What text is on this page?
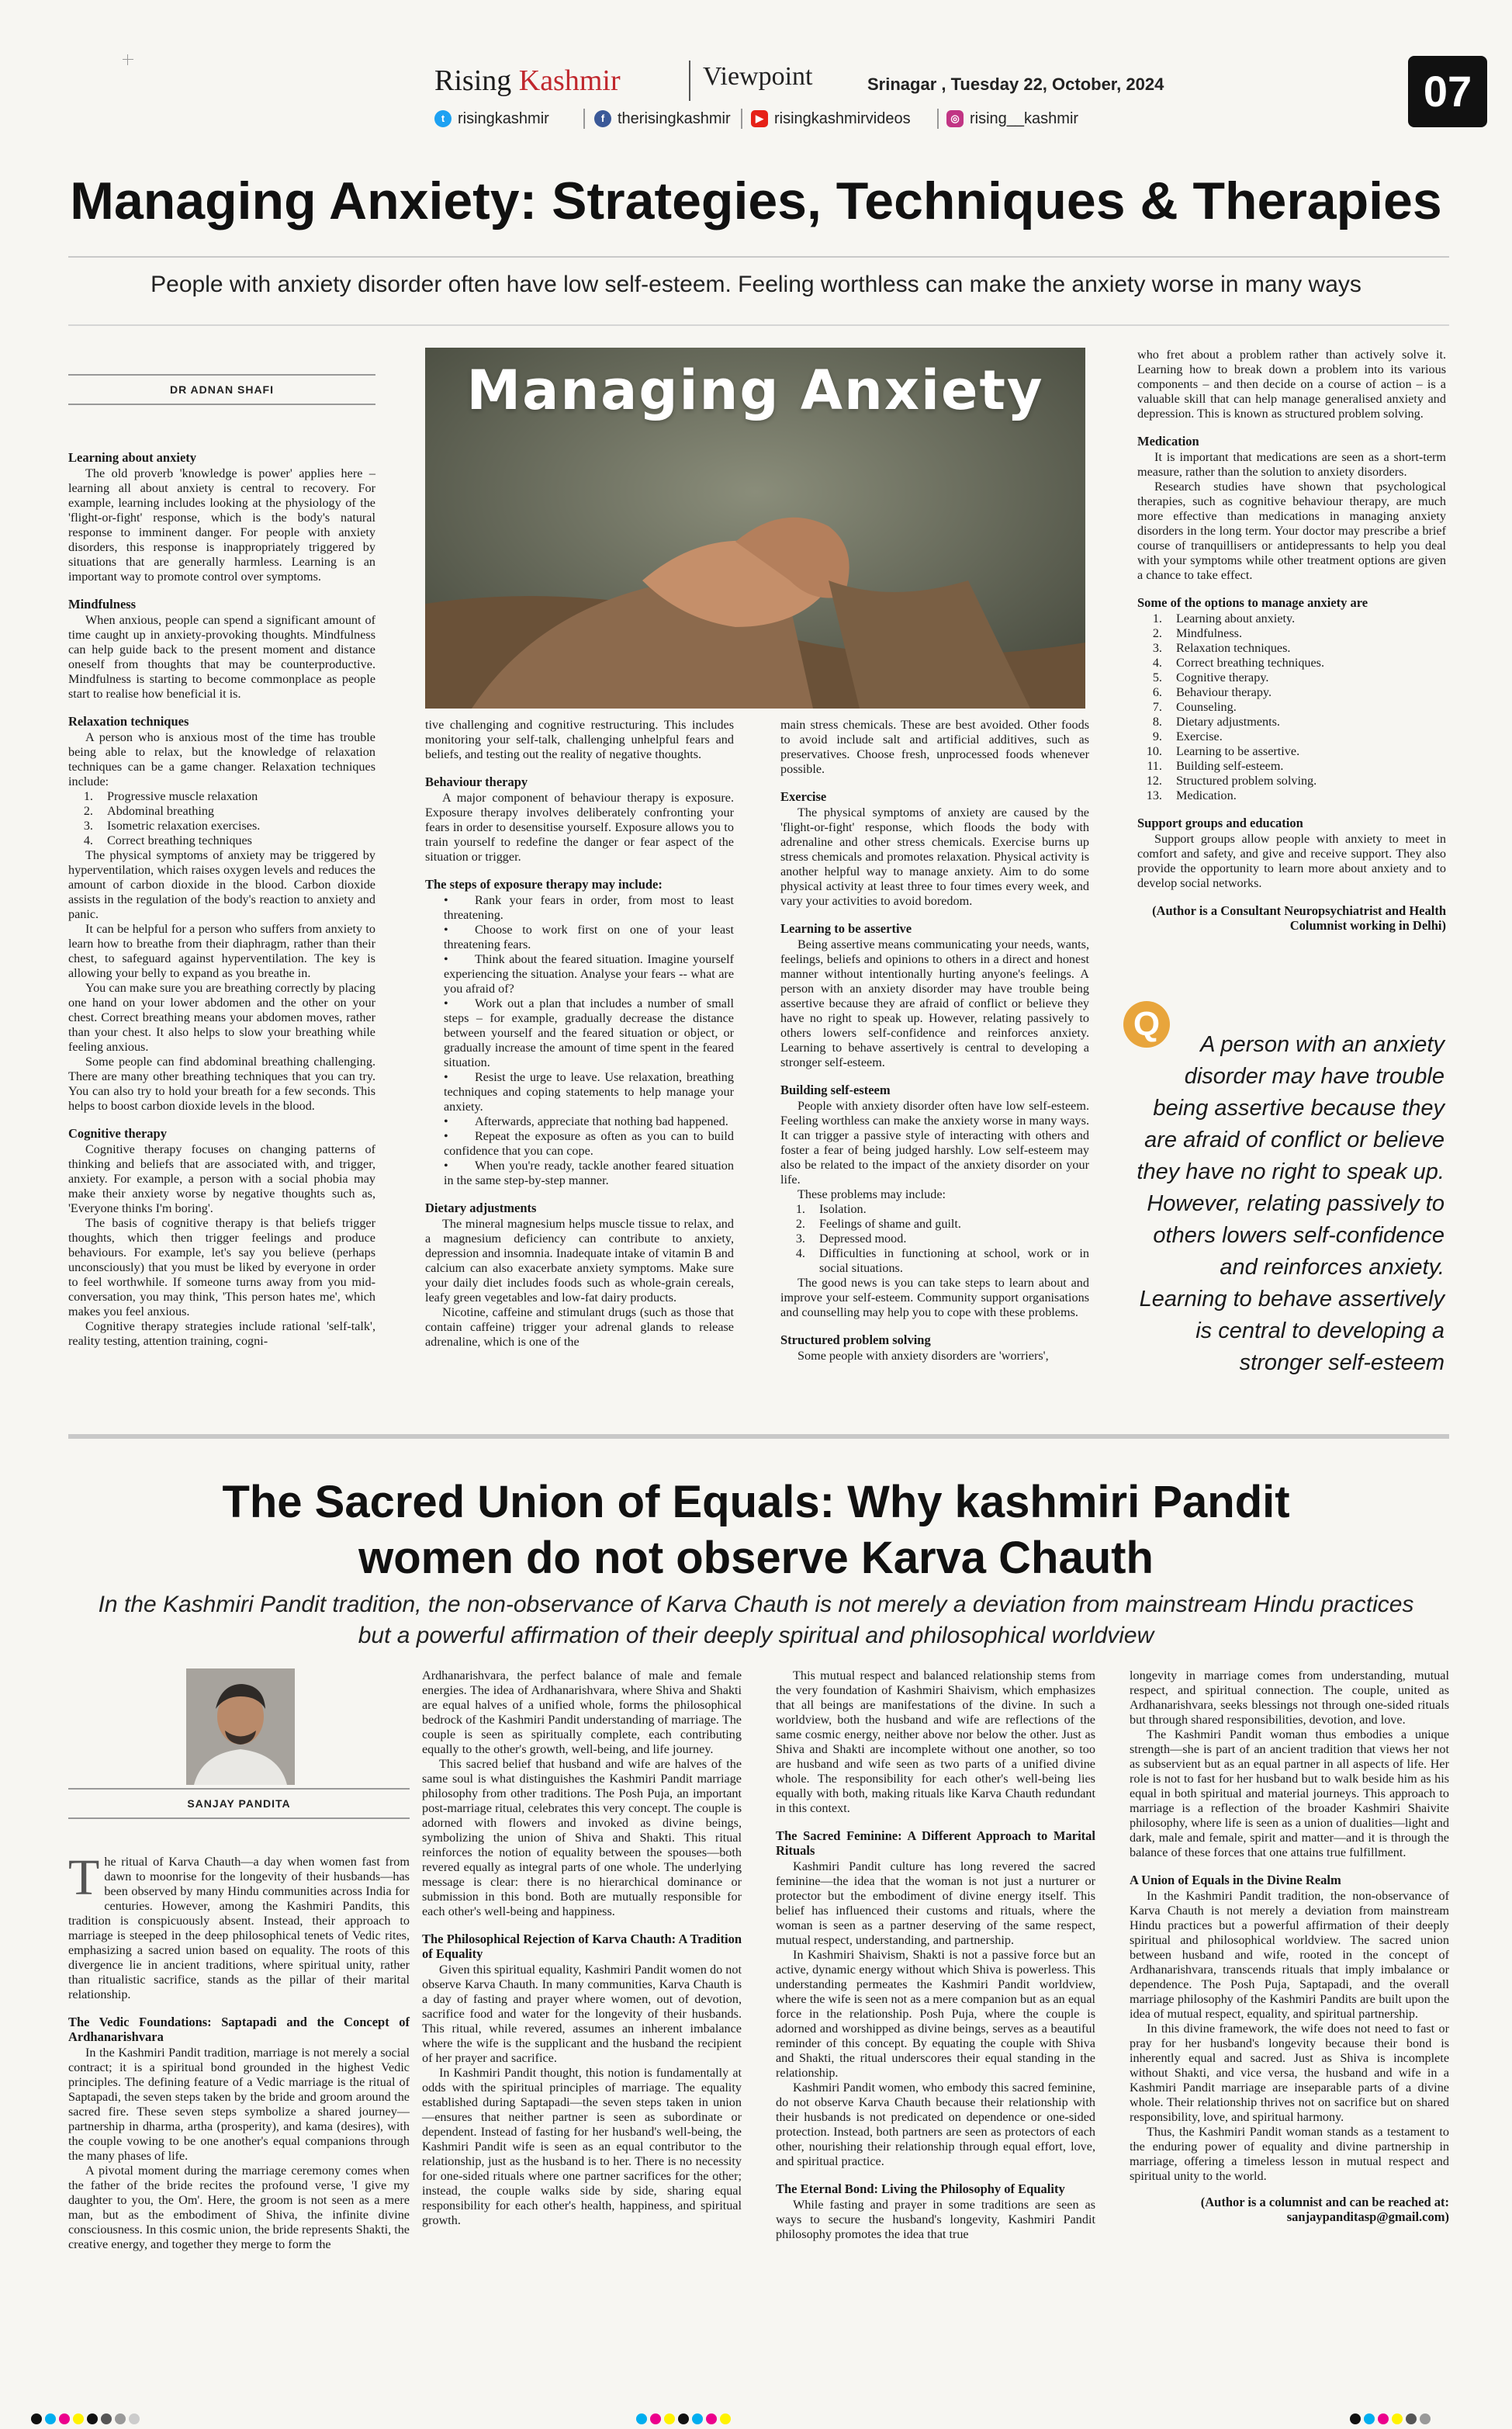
Rising Kashmir	Viewpoint	Srinagar , Tuesday 22, October, 2024	07
t risingkashmir	f therisingkashmir	▶ risingkashmirvideos	◎ rising__kashmir
Managing Anxiety: Strategies, Techniques & Therapies
People with anxiety disorder often have low self-esteem. Feeling worthless can make the anxiety worse in many ways
DR ADNAN SHAFI	Managing Anxiety
Learning about anxiety

The old proverb 'knowledge is power' applies here – learning all about anxiety is central to recovery. For example, learning includes looking at the physiology of the 'flight-or-fight' response, which is the body's natural response to imminent danger. For people with anxiety disorders, this response is inappropriately triggered by situations that are generally harmless. Learning is an important way to promote control over symptoms.

Mindfulness

When anxious, people can spend a significant amount of time caught up in anxiety-provoking thoughts. Mindfulness can help guide back to the present moment and distance oneself from thoughts that may be counterproductive. Mindfulness is starting to become commonplace as people start to realise how beneficial it is.

Relaxation techniques

A person who is anxious most of the time has trouble being able to relax, but the knowledge of relaxation techniques can be a game changer. Relaxation techniques include:

1. Progressive muscle relaxation
2. Abdominal breathing
3. Isometric relaxation exercises.
4. Correct breathing techniques

The physical symptoms of anxiety may be triggered by hyperventilation, which raises oxygen levels and reduces the amount of carbon dioxide in the blood. Carbon dioxide assists in the regulation of the body's reaction to anxiety and panic.

It can be helpful for a person who suffers from anxiety to learn how to breathe from their diaphragm, rather than their chest, to safeguard against hyperventilation. The key is allowing your belly to expand as you breathe in.

You can make sure you are breathing correctly by placing one hand on your lower abdomen and the other on your chest. Correct breathing means your abdomen moves, rather than your chest. It also helps to slow your breathing while feeling anxious.

Some people can find abdominal breathing challenging. There are many other breathing techniques that you can try. You can also try to hold your breath for a few seconds. This helps to boost carbon dioxide levels in the blood.

Cognitive therapy

Cognitive therapy focuses on changing patterns of thinking and beliefs that are associated with, and trigger, anxiety. For example, a person with a social phobia may make their anxiety worse by negative thoughts such as, 'Everyone thinks I'm boring'.

The basis of cognitive therapy is that beliefs trigger thoughts, which then trigger feelings and produce behaviours. For example, let's say you believe (perhaps unconsciously) that you must be liked by everyone in order to feel worthwhile. If someone turns away from you mid-conversation, you may think, 'This person hates me', which makes you feel anxious.

Cognitive therapy strategies include rational 'self-talk', reality testing, attention training, cogni-

tive challenging and cognitive restructuring. This includes monitoring your self-talk, challenging unhelpful fears and beliefs, and testing out the reality of negative thoughts.

Behaviour therapy

A major component of behaviour therapy is exposure. Exposure therapy involves deliberately confronting your fears in order to desensitise yourself. Exposure allows you to train yourself to redefine the danger or fear aspect of the situation or trigger.

The steps of exposure therapy may include:
• Rank your fears in order, from most to least threatening.
• Choose to work first on one of your least threatening fears.
• Think about the feared situation. Imagine yourself experiencing the situation. Analyse your fears -- what are you afraid of?
• Work out a plan that includes a number of small steps – for example, gradually decrease the distance between yourself and the feared situation or object, or gradually increase the amount of time spent in the feared situation.
• Resist the urge to leave. Use relaxation, breathing techniques and coping statements to help manage your anxiety.
• Afterwards, appreciate that nothing bad happened.
• Repeat the exposure as often as you can to build confidence that you can cope.
• When you're ready, tackle another feared situation in the same step-by-step manner.
Dietary adjustments

The mineral magnesium helps muscle tissue to relax, and a magnesium deficiency can contribute to anxiety, depression and insomnia. Inadequate intake of vitamin B and calcium can also exacerbate anxiety symptoms. Make sure your daily diet includes foods such as whole-grain cereals, leafy green vegetables and low-fat dairy products.

Nicotine, caffeine and stimulant drugs (such as those that contain caffeine) trigger your adrenal glands to release adrenaline, which is one of the

main stress chemicals. These are best avoided. Other foods to avoid include salt and artificial additives, such as preservatives. Choose fresh, unprocessed foods whenever possible.

Exercise

The physical symptoms of anxiety are caused by the 'flight-or-fight' response, which floods the body with adrenaline and other stress chemicals. Exercise burns up stress chemicals and promotes relaxation. Physical activity is another helpful way to manage anxiety. Aim to do some physical activity at least three to four times every week, and vary your activities to avoid boredom.

Learning to be assertive

Being assertive means communicating your needs, wants, feelings, beliefs and opinions to others in a direct and honest manner without intentionally hurting anyone's feelings. A person with an anxiety disorder may have trouble being assertive because they are afraid of conflict or believe they have no right to speak up. However, relating passively to others lowers self-confidence and reinforces anxiety. Learning to behave assertively is central to developing a stronger self-esteem.

Building self-esteem

People with anxiety disorder often have low self-esteem. Feeling worthless can make the anxiety worse in many ways. It can trigger a passive style of interacting with others and foster a fear of being judged harshly. Low self-esteem may also be related to the impact of the anxiety disorder on your life.

These problems may include:

1. Isolation.
2. Feelings of shame and guilt.
3. Depressed mood.
4. Difficulties in functioning at school, work or in social situations.

The good news is you can take steps to learn about and improve your self-esteem. Community support organisations and counselling may help you to cope with these problems.

Structured problem solving

Some people with anxiety disorders are 'worriers',

who fret about a problem rather than actively solve it. Learning how to break down a problem into its various components – and then decide on a course of action – is a valuable skill that can help manage generalised anxiety and depression. This is known as structured problem solving.

Medication

It is important that medications are seen as a short-term measure, rather than the solution to anxiety disorders.

Research studies have shown that psychological therapies, such as cognitive behaviour therapy, are much more effective than medications in managing anxiety disorders in the long term. Your doctor may prescribe a brief course of tranquillisers or antidepressants to help you deal with your symptoms while other treatment options are given a chance to take effect.

Some of the options to manage anxiety are
1. Learning about anxiety.
2. Mindfulness.
3. Relaxation techniques.
4. Correct breathing techniques.
5. Cognitive therapy.
6. Behaviour therapy.
7. Counseling.
8. Dietary adjustments.
9. Exercise.
10. Learning to be assertive.
11. Building self-esteem.
12. Structured problem solving.
13. Medication.
Support groups and education

Support groups allow people with anxiety to meet in comfort and safety, and give and receive support. They also provide the opportunity to learn more about anxiety and to develop social networks.

(Author is a Consultant Neuropsychiatrist and Health Columnist working in Delhi)

Q
A person with an anxiety disorder may have trouble being assertive because they are afraid of conflict or believe they have no right to speak up. However, relating passively to others lowers self-confidence and reinforces anxiety. Learning to behave assertively is central to developing a stronger self-esteem
The Sacred Union of Equals: Why kashmiri Pandit
women do not observe Karva Chauth
In the Kashmiri Pandit tradition, the non-observance of Karva Chauth is not merely a deviation from mainstream Hindu practices but a powerful affirmation of their deeply spiritual and philosophical worldview
SANJAY PANDITA

The ritual of Karva Chauth—a day when women fast from dawn to moonrise for the longevity of their husbands—has been observed by many Hindu communities across India for centuries. However, among the Kashmiri Pandits, this tradition is conspicuously absent. Instead, their approach to marriage is steeped in the deep philosophical tenets of Vedic rites, emphasizing a sacred union based on equality. The roots of this divergence lie in ancient traditions, where spiritual unity, rather than ritualistic sacrifice, stands as the pillar of their marital relationship.

The Vedic Foundations: Saptapadi and the Concept of Ardhanarishvara

In the Kashmiri Pandit tradition, marriage is not merely a social contract; it is a spiritual bond grounded in the highest Vedic principles. The defining feature of a Vedic marriage is the ritual of Saptapadi, the seven steps taken by the bride and groom around the sacred fire. These seven steps symbolize a shared journey—partnership in dharma, artha (prosperity), and kama (desires), with the couple vowing to be one another's equal companions through the many phases of life.

A pivotal moment during the marriage ceremony comes when the father of the bride recites the profound verse, 'I give my daughter to you, the Om'. Here, the groom is not seen as a mere man, but as the embodiment of Shiva, the infinite divine consciousness. In this cosmic union, the bride represents Shakti, the creative energy, and together they merge to form the

Ardhanarishvara, the perfect balance of male and female energies. The idea of Ardhanarishvara, where Shiva and Shakti are equal halves of a unified whole, forms the philosophical bedrock of the Kashmiri Pandit understanding of marriage. The couple is seen as spiritually complete, each contributing equally to the other's growth, well-being, and life journey.

This sacred belief that husband and wife are halves of the same soul is what distinguishes the Kashmiri Pandit marriage philosophy from other traditions. The Posh Puja, an important post-marriage ritual, celebrates this very concept. The couple is adorned with flowers and invoked as divine beings, symbolizing the union of Shiva and Shakti. This ritual reinforces the notion of equality between the spouses—both revered equally as integral parts of one whole. The underlying message is clear: there is no hierarchical dominance or submission in this bond. Both are mutually responsible for each other's well-being and happiness.

The Philosophical Rejection of Karva Chauth: A Tradition of Equality

Given this spiritual equality, Kashmiri Pandit women do not observe Karva Chauth. In many communities, Karva Chauth is a day of fasting and prayer where women, out of devotion, sacrifice food and water for the longevity of their husbands. This ritual, while revered, assumes an inherent imbalance where the wife is the supplicant and the husband the recipient of her prayer and sacrifice.

In Kashmiri Pandit thought, this notion is fundamentally at odds with the spiritual principles of marriage. The equality established during Saptapadi—the seven steps taken in union—ensures that neither partner is seen as subordinate or dependent. Instead of fasting for her husband's well-being, the Kashmiri Pandit wife is seen as an equal contributor to the relationship, just as the husband is to her. There is no necessity for one-sided rituals where one partner sacrifices for the other; instead, the couple walks side by side, sharing equal responsibility for each other's health, happiness, and spiritual growth.

This mutual respect and balanced relationship stems from the very foundation of Kashmiri Shaivism, which emphasizes that all beings are manifestations of the divine. In such a worldview, both the husband and wife are reflections of the same cosmic energy, neither above nor below the other. Just as Shiva and Shakti are incomplete without one another, so too are husband and wife seen as two parts of a unified divine whole. The responsibility for each other's well-being lies equally with both, making rituals like Karva Chauth redundant in this context.

The Sacred Feminine: A Different Approach to Marital Rituals

Kashmiri Pandit culture has long revered the sacred feminine—the idea that the woman is not just a nurturer or protector but the embodiment of divine energy itself. This belief has influenced their customs and rituals, where the woman is seen as a partner deserving of the same respect, mutual respect, understanding, and partnership.

In Kashmiri Shaivism, Shakti is not a passive force but an active, dynamic energy without which Shiva is powerless. This understanding permeates the Kashmiri Pandit worldview, where the wife is seen not as a mere companion but as an equal force in the relationship. Posh Puja, where the couple is adorned and worshipped as divine beings, serves as a beautiful reminder of this concept. By equating the couple with Shiva and Shakti, the ritual underscores their equal standing in the relationship.

Kashmiri Pandit women, who embody this sacred feminine, do not observe Karva Chauth because their relationship with their husbands is not predicated on dependence or one-sided protection. Instead, both partners are seen as protectors of each other, nourishing their relationship through equal effort, love, and spiritual practice.

The Eternal Bond: Living the Philosophy of Equality

While fasting and prayer in some traditions are seen as ways to secure the husband's longevity, Kashmiri Pandit philosophy promotes the idea that true

longevity in marriage comes from understanding, mutual respect, and spiritual connection. The couple, united as Ardhanarishvara, seeks blessings not through one-sided rituals but through shared responsibilities, devotion, and love.

The Kashmiri Pandit woman thus embodies a unique strength—she is part of an ancient tradition that views her not as subservient but as an equal partner in all aspects of life. Her role is not to fast for her husband but to walk beside him as his equal in both spiritual and material journeys. This approach to marriage is a reflection of the broader Kashmiri Shaivite philosophy, where life is seen as a union of dualities—light and dark, male and female, spirit and matter—and it is through the balance of these forces that one attains true fulfillment.

A Union of Equals in the Divine Realm

In the Kashmiri Pandit tradition, the non-observance of Karva Chauth is not merely a deviation from mainstream Hindu practices but a powerful affirmation of their deeply spiritual and philosophical worldview. The sacred union between husband and wife, rooted in the concept of Ardhanarishvara, transcends rituals that imply imbalance or dependence. The Posh Puja, Saptapadi, and the overall marriage philosophy of the Kashmiri Pandits are built upon the idea of mutual respect, equality, and spiritual partnership.

In this divine framework, the wife does not need to fast or pray for her husband's longevity because their bond is inherently equal and sacred. Just as Shiva is incomplete without Shakti, and vice versa, the husband and wife in a Kashmiri Pandit marriage are inseparable parts of a divine whole. Their relationship thrives not on sacrifice but on shared responsibility, love, and spiritual harmony.

Thus, the Kashmiri Pandit woman stands as a testament to the enduring power of equality and divine partnership in marriage, offering a timeless lesson in mutual respect and spiritual unity to the world.

(Author is a columnist and can be reached at:
sanjaypanditasp@gmail.com)
